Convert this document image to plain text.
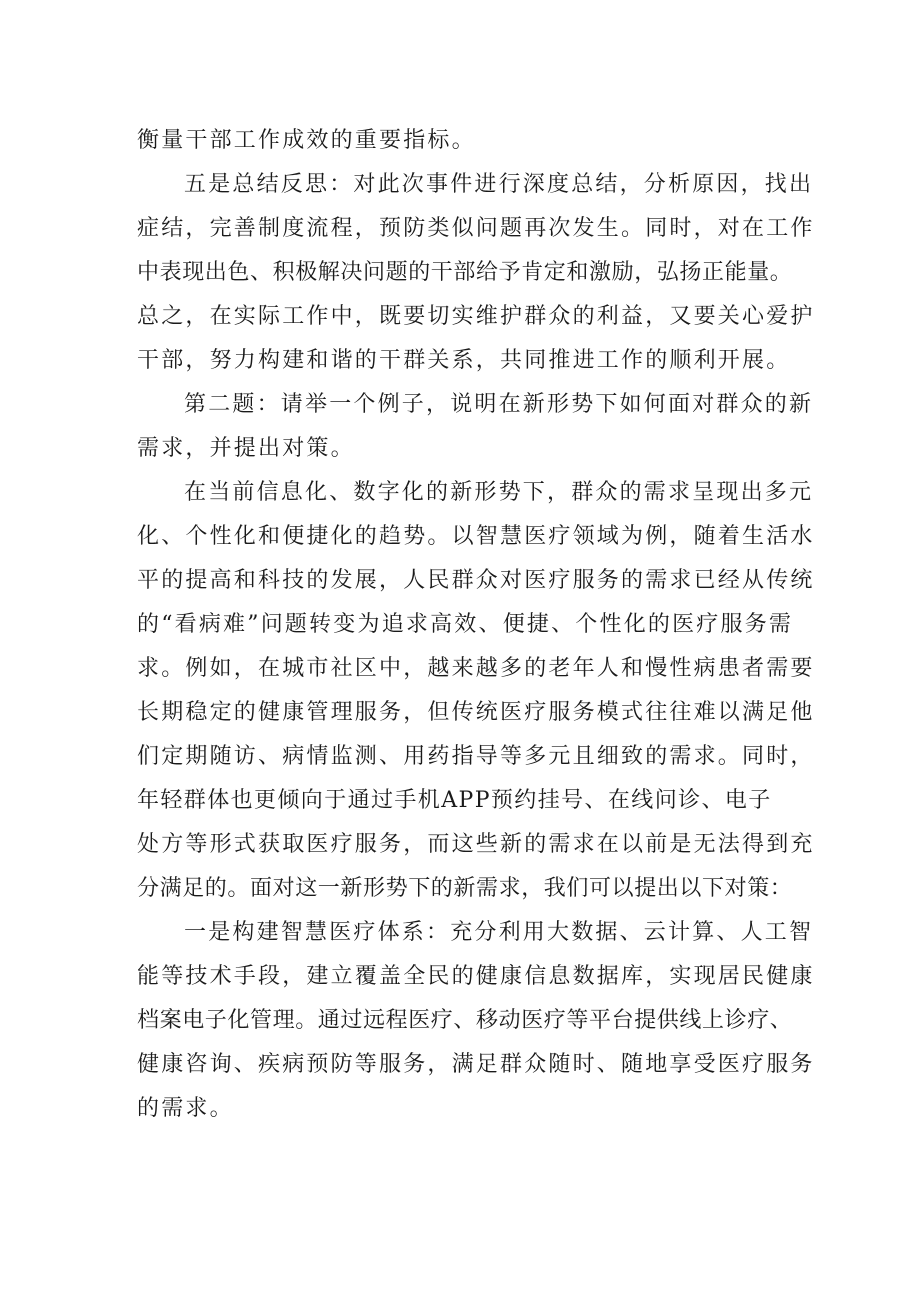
衡量干部工作成效的重要指标。
五是总结反思：对此次事件进行深度总结，分析原因，找出
症结，完善制度流程，预防类似问题再次发生。同时，对在工作
中表现出色、积极解决问题的干部给予肯定和激励，弘扬正能量。
总之，在实际工作中，既要切实维护群众的利益，又要关心爱护
干部，努力构建和谐的干群关系，共同推进工作的顺利开展。
第二题：请举一个例子，说明在新形势下如何面对群众的新
需求，并提出对策。
在当前信息化、数字化的新形势下，群众的需求呈现出多元
化、个性化和便捷化的趋势。以智慧医疗领域为例，随着生活水
平的提高和科技的发展，人民群众对医疗服务的需求已经从传统
的“看病难”问题转变为追求高效、便捷、个性化的医疗服务需
求。例如，在城市社区中，越来越多的老年人和慢性病患者需要
长期稳定的健康管理服务，但传统医疗服务模式往往难以满足他
们定期随访、病情监测、用药指导等多元且细致的需求。同时，
年轻群体也更倾向于通过手机APP预约挂号、在线问诊、电子
处方等形式获取医疗服务，而这些新的需求在以前是无法得到充
分满足的。面对这一新形势下的新需求，我们可以提出以下对策：
一是构建智慧医疗体系：充分利用大数据、云计算、人工智
能等技术手段，建立覆盖全民的健康信息数据库，实现居民健康
档案电子化管理。通过远程医疗、移动医疗等平台提供线上诊疗、
健康咨询、疾病预防等服务，满足群众随时、随地享受医疗服务
的需求。
